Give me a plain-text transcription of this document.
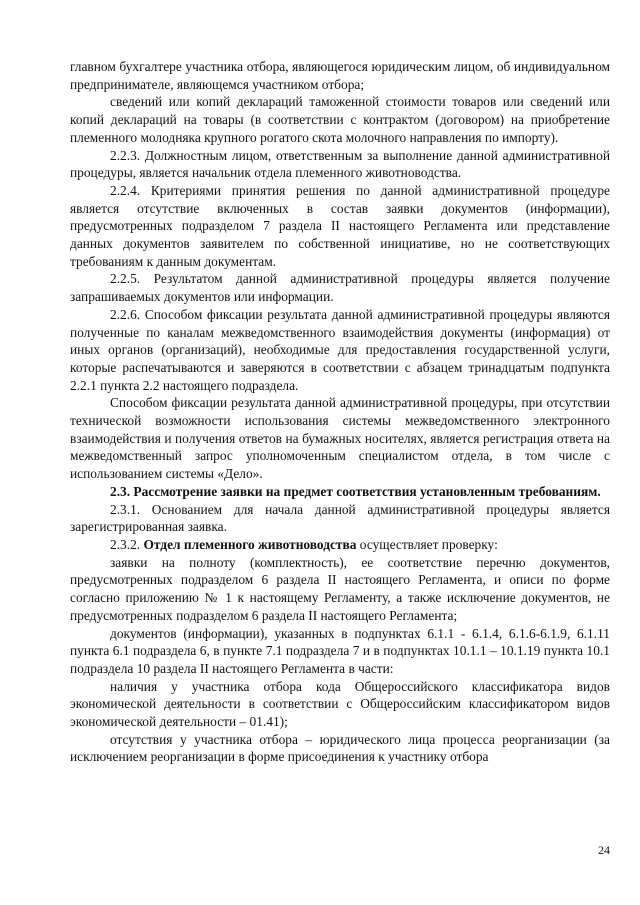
главном бухгалтере участника отбора, являющегося юридическим лицом, об индивидуальном предпринимателе, являющемся участником отбора;

сведений или копий деклараций таможенной стоимости товаров или сведений или копий деклараций на товары (в соответствии с контрактом (договором) на приобретение племенного молодняка крупного рогатого скота молочного направления по импорту).

2.2.3. Должностным лицом, ответственным за выполнение данной административной процедуры, является начальник отдела племенного животноводства.

2.2.4. Критериями принятия решения по данной административной процедуре является отсутствие включенных в состав заявки документов (информации), предусмотренных подразделом 7 раздела II настоящего Регламента или представление данных документов заявителем по собственной инициативе, но не соответствующих требованиям к данным документам.

2.2.5. Результатом данной административной процедуры является получение запрашиваемых документов или информации.

2.2.6. Способом фиксации результата данной административной процедуры являются полученные по каналам межведомственного взаимодействия документы (информация) от иных органов (организаций), необходимые для предоставления государственной услуги, которые распечатываются и заверяются в соответствии с абзацем тринадцатым подпункта 2.2.1 пункта 2.2 настоящего подраздела.

Способом фиксации результата данной административной процедуры, при отсутствии технической возможности использования системы межведомственного электронного взаимодействия и получения ответов на бумажных носителях, является регистрация ответа на межведомственный запрос уполномоченным специалистом отдела, в том числе с использованием системы «Дело».

2.3. Рассмотрение заявки на предмет соответствия установленным требованиям.

2.3.1. Основанием для начала данной административной процедуры является зарегистрированная заявка.

2.3.2. Отдел племенного животноводства осуществляет проверку:

заявки на полноту (комплектность), ее соответствие перечню документов, предусмотренных подразделом 6 раздела II настоящего Регламента, и описи по форме согласно приложению № 1 к настоящему Регламенту, а также исключение документов, не предусмотренных подразделом 6 раздела II настоящего Регламента;

документов (информации), указанных в подпунктах 6.1.1 - 6.1.4, 6.1.6-6.1.9, 6.1.11 пункта 6.1 подраздела 6, в пункте 7.1 подраздела 7 и в подпунктах 10.1.1 – 10.1.19 пункта 10.1 подраздела 10 раздела II настоящего Регламента в части:

наличия у участника отбора кода Общероссийского классификатора видов экономической деятельности в соответствии с Общероссийским классификатором видов экономической деятельности – 01.41);

отсутствия у участника отбора – юридического лица процесса реорганизации (за исключением реорганизации в форме присоединения к участнику отбора

24
